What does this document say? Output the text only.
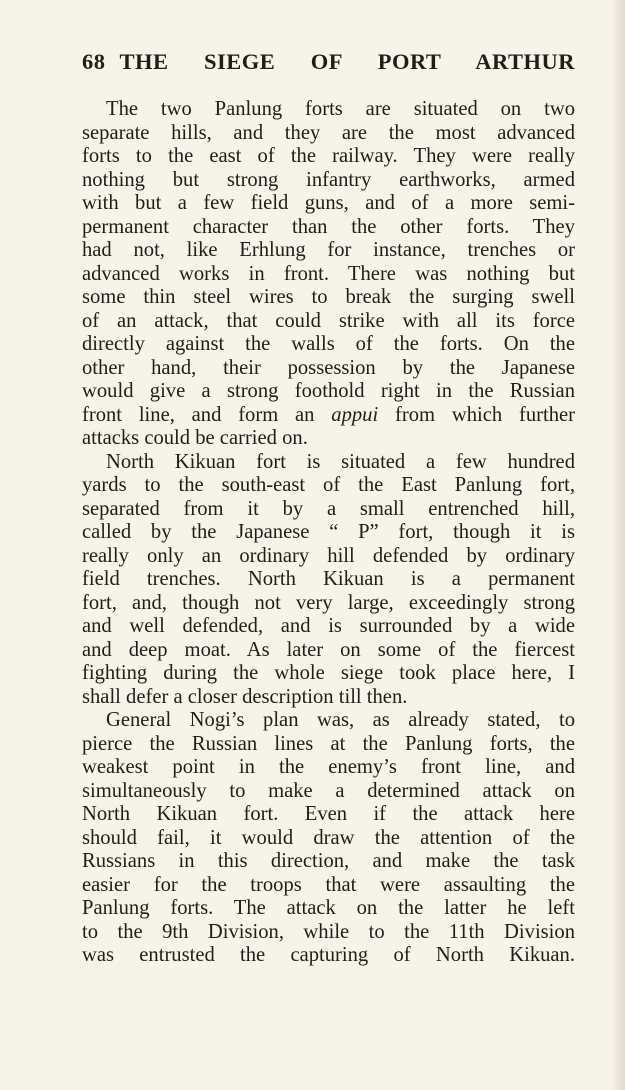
68 THE SIEGE OF PORT ARTHUR

The two Panlung forts are situated on two

separate hills, and they are the most advanced

forts to the east of the railway. They were really

nothing but strong infantry earthworks, armed

with but a few field guns, and of a more semi-

permanent character than the other forts. They

had not, like Erhlung for instance, trenches or

advanced works in front. There was nothing but

some thin steel wires to break the surging swell

of an attack, that could strike with all its force

directly against the walls of the forts. On the

other hand, their possession by the Japanese

would give a strong foothold right in the Russian

front line, and form an appui from which further

attacks could be carried on.

North Kikuan fort is situated a few hundred

yards to the south-east of the East Panlung fort,

separated from it by a small entrenched hill,

called by the Japanese “ P” fort, though it is

really only an ordinary hill defended by ordinary

field trenches. North Kikuan is a permanent

fort, and, though not very large, exceedingly strong

and well defended, and is surrounded by a wide

and deep moat. As later on some of the fiercest

fighting during the whole siege took place here, I

shall defer a closer description till then.

General Nogi’s plan was, as already stated, to

pierce the Russian lines at the Panlung forts, the

weakest point in the enemy’s front line, and

simultaneously to make a determined attack on

North Kikuan fort. Even if the attack here

should fail, it would draw the attention of the

Russians in this direction, and make the task

easier for the troops that were assaulting the

Panlung forts. The attack on the latter he left

to the 9th Division, while to the 11th Division

was entrusted the capturing of North Kikuan.
